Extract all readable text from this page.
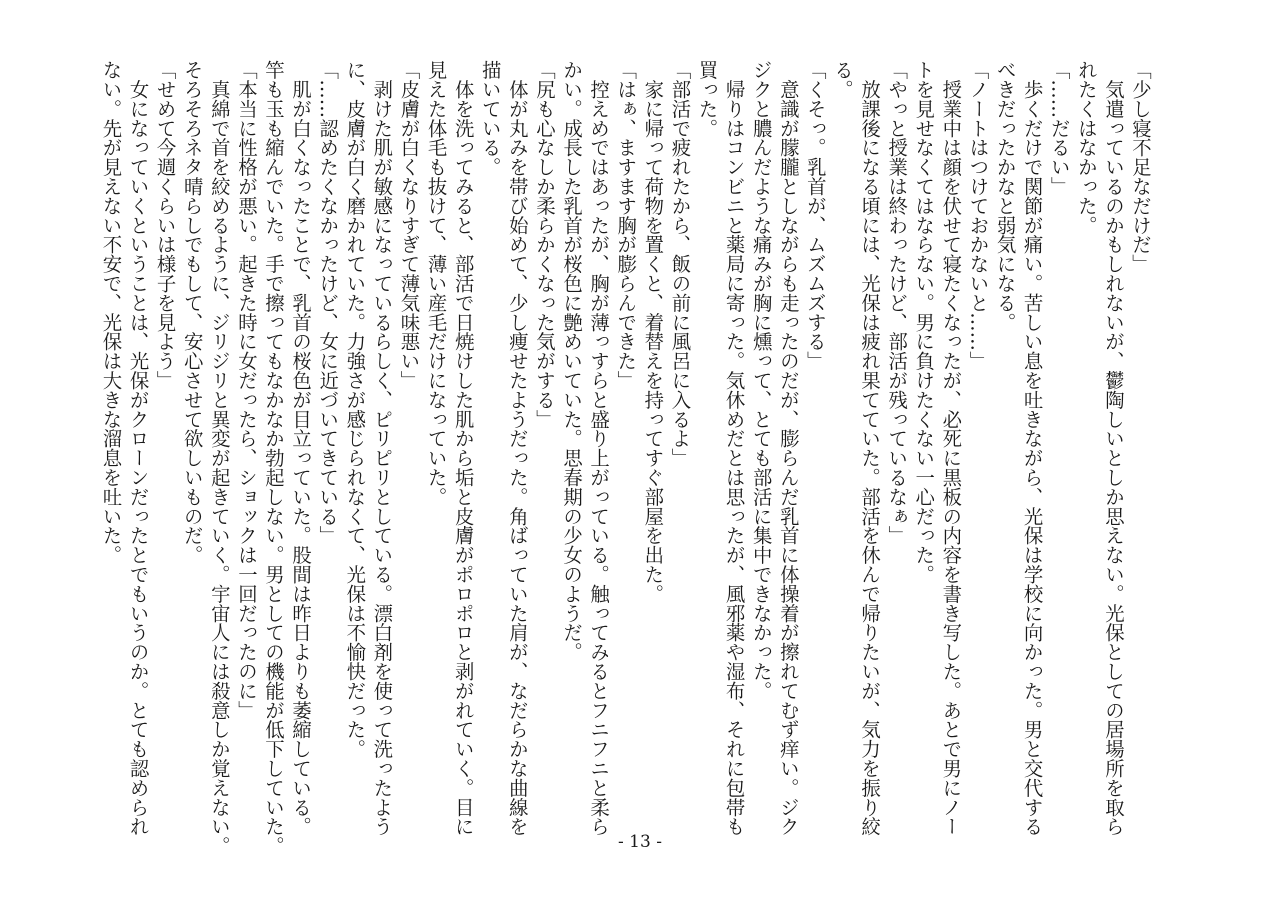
「少し寝不足なだけだ」
　気遣っているのかもしれないが、鬱陶しいとしか思えない。光保としての居場所を取ら
れたくはなかった。
「……だるい」
　歩くだけで関節が痛い。苦しい息を吐きながら、光保は学校に向かった。男と交代する
べきだったかなと弱気になる。
「ノートはつけておかないと……」
　授業中は顔を伏せて寝たくなったが、必死に黒板の内容を書き写した。あとで男にノー
トを見せなくてはならない。男に負けたくない一心だった。
「やっと授業は終わったけど、部活が残っているなぁ」
　放課後になる頃には、光保は疲れ果てていた。部活を休んで帰りたいが、気力を振り絞
る。
「くそっ。乳首が、ムズムズする」
　意識が朦朧としながらも走ったのだが、膨らんだ乳首に体操着が擦れてむず痒い。ジク
ジクと膿んだような痛みが胸に燻って、とても部活に集中できなかった。
　帰りはコンビニと薬局に寄った。気休めだとは思ったが、風邪薬や湿布、それに包帯も
買った。
「部活で疲れたから、飯の前に風呂に入るよ」
　家に帰って荷物を置くと、着替えを持ってすぐ部屋を出た。
「はぁ、ますます胸が膨らんできた」
　控えめではあったが、胸が薄っすらと盛り上がっている。触ってみるとフニフニと柔ら
かい。成長した乳首が桜色に艶めいていた。思春期の少女のようだ。
「尻も心なしか柔らかくなった気がする」
　体が丸みを帯び始めて、少し痩せたようだった。角ばっていた肩が、なだらかな曲線を
描いている。
　体を洗ってみると、部活で日焼けした肌から垢と皮膚がポロポロと剥がれていく。目に
見えた体毛も抜けて、薄い産毛だけになっていた。
「皮膚が白くなりすぎて薄気味悪い」
　剥けた肌が敏感になっているらしく、ピリピリとしている。漂白剤を使って洗ったよう
に、皮膚が白く磨かれていた。力強さが感じられなくて、光保は不愉快だった。
「……認めたくなかったけど、女に近づいてきている」
　肌が白くなったことで、乳首の桜色が目立っていた。股間は昨日よりも萎縮している。
竿も玉も縮んでいた。手で擦ってもなかなか勃起しない。男としての機能が低下していた。
「本当に性格が悪い。起きた時に女だったら、ショックは一回だったのに」
　真綿で首を絞めるように、ジリジリと異変が起きていく。宇宙人には殺意しか覚えない。
そろそろネタ晴らしでもして、安心させて欲しいものだ。
「せめて今週くらいは様子を見よう」
　女になっていくということは、光保がクローンだったとでもいうのか。とても認められ
ない。先が見えない不安で、光保は大きな溜息を吐いた。
- 13 -
